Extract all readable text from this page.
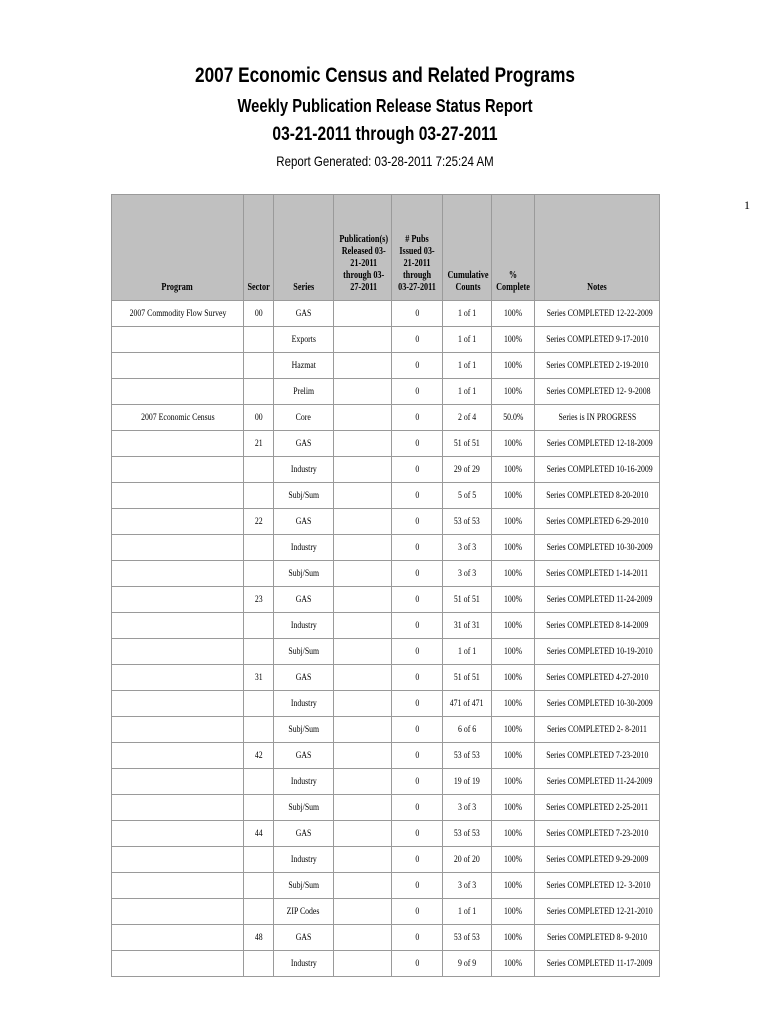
2007 Economic Census and Related Programs
Weekly Publication Release Status Report
03-21-2011 through 03-27-2011
Report Generated: 03-28-2011 7:25:24 AM
1
Program	Sector	Series	Publication(s) Released 03-21-2011 through 03-27-2011	# Pubs Issued 03-21-2011 through 03-27-2011	Cumulative Counts	% Complete	Notes
2007 Commodity Flow Survey	00	GAS		0	1 of 1	100%	Series COMPLETED 12-22-2009
		Exports		0	1 of 1	100%	Series COMPLETED 9-17-2010
		Hazmat		0	1 of 1	100%	Series COMPLETED 2-19-2010
		Prelim		0	1 of 1	100%	Series COMPLETED 12- 9-2008
2007 Economic Census	00	Core		0	2 of 4	50.0%	Series is IN PROGRESS
	21	GAS		0	51 of 51	100%	Series COMPLETED 12-18-2009
		Industry		0	29 of 29	100%	Series COMPLETED 10-16-2009
		Subj/Sum		0	5 of 5	100%	Series COMPLETED 8-20-2010
	22	GAS		0	53 of 53	100%	Series COMPLETED 6-29-2010
		Industry		0	3 of 3	100%	Series COMPLETED 10-30-2009
		Subj/Sum		0	3 of 3	100%	Series COMPLETED 1-14-2011
	23	GAS		0	51 of 51	100%	Series COMPLETED 11-24-2009
		Industry		0	31 of 31	100%	Series COMPLETED 8-14-2009
		Subj/Sum		0	1 of 1	100%	Series COMPLETED 10-19-2010
	31	GAS		0	51 of 51	100%	Series COMPLETED 4-27-2010
		Industry		0	471 of 471	100%	Series COMPLETED 10-30-2009
		Subj/Sum		0	6 of 6	100%	Series COMPLETED 2- 8-2011
	42	GAS		0	53 of 53	100%	Series COMPLETED 7-23-2010
		Industry		0	19 of 19	100%	Series COMPLETED 11-24-2009
		Subj/Sum		0	3 of 3	100%	Series COMPLETED 2-25-2011
	44	GAS		0	53 of 53	100%	Series COMPLETED 7-23-2010
		Industry		0	20 of 20	100%	Series COMPLETED 9-29-2009
		Subj/Sum		0	3 of 3	100%	Series COMPLETED 12- 3-2010
		ZIP Codes		0	1 of 1	100%	Series COMPLETED 12-21-2010
	48	GAS		0	53 of 53	100%	Series COMPLETED 8- 9-2010
		Industry		0	9 of 9	100%	Series COMPLETED 11-17-2009
